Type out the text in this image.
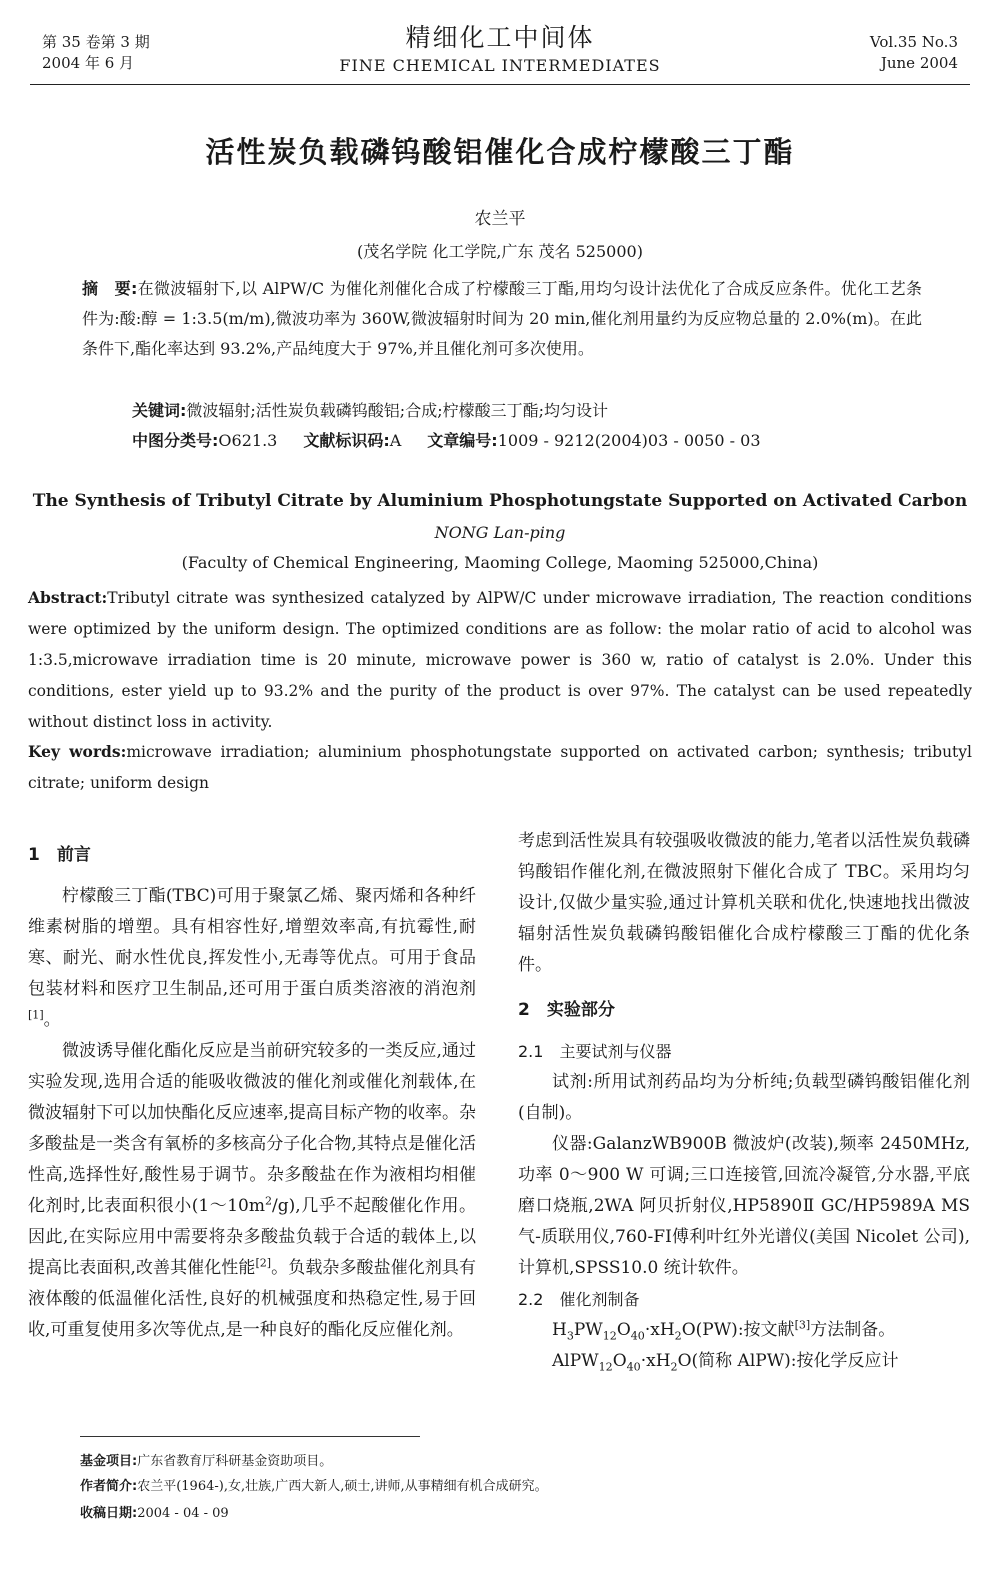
第 35 卷第 3 期
2004 年 6 月
精细化工中间体
FINE CHEMICAL INTERMEDIATES
Vol.35 No.3
June 2004
活性炭负载磷钨酸铝催化合成柠檬酸三丁酯
农兰平
(茂名学院 化工学院,广东 茂名 525000)
摘　要:在微波辐射下,以 AlPW/C 为催化剂催化合成了柠檬酸三丁酯,用均匀设计法优化了合成反应条件。优化工艺条件为:酸:醇 = 1:3.5(m/m),微波功率为 360W,微波辐射时间为 20 min,催化剂用量约为反应物总量的 2.0%(m)。在此条件下,酯化率达到 93.2%,产品纯度大于 97%,并且催化剂可多次使用。
关键词:微波辐射;活性炭负载磷钨酸铝;合成;柠檬酸三丁酯;均匀设计
中图分类号:O621.3 文献标识码:A 文章编号:1009 - 9212(2004)03 - 0050 - 03
The Synthesis of Tributyl Citrate by Aluminium Phosphotungstate Supported on Activated Carbon
NONG Lan-ping
(Faculty of Chemical Engineering, Maoming College, Maoming 525000,China)
Abstract:Tributyl citrate was synthesized catalyzed by AlPW/C under microwave irradiation, The reaction conditions were optimized by the uniform design. The optimized conditions are as follow: the molar ratio of acid to alcohol was 1:3.5,microwave irradiation time is 20 minute, microwave power is 360 w, ratio of catalyst is 2.0%. Under this conditions, ester yield up to 93.2% and the purity of the product is over 97%. The catalyst can be used repeatedly without distinct loss in activity.
Key words:microwave irradiation; aluminium phosphotungstate supported on activated carbon; synthesis; tributyl citrate; uniform design
1　前言

柠檬酸三丁酯(TBC)可用于聚氯乙烯、聚丙烯和各种纤维素树脂的增塑。具有相容性好,增塑效率高,有抗霉性,耐寒、耐光、耐水性优良,挥发性小,无毒等优点。可用于食品包装材料和医疗卫生制品,还可用于蛋白质类溶液的消泡剂[1]。

微波诱导催化酯化反应是当前研究较多的一类反应,通过实验发现,选用合适的能吸收微波的催化剂或催化剂载体,在微波辐射下可以加快酯化反应速率,提高目标产物的收率。杂多酸盐是一类含有氧桥的多核高分子化合物,其特点是催化活性高,选择性好,酸性易于调节。杂多酸盐在作为液相均相催化剂时,比表面积很小$(1\sim 10m^2/g)$,几乎不起酸催化作用。因此,在实际应用中需要将杂多酸盐负载于合适的载体上,以提高比表面积,改善其催化性能[2]。负载杂多酸盐催化剂具有液体酸的低温催化活性,良好的机械强度和热稳定性,易于回收,可重复使用多次等优点,是一种良好的酯化反应催化剂。

考虑到活性炭具有较强吸收微波的能力,笔者以活性炭负载磷钨酸铝作催化剂,在微波照射下催化合成了 TBC。采用均匀设计,仅做少量实验,通过计算机关联和优化,快速地找出微波辐射活性炭负载磷钨酸铝催化合成柠檬酸三丁酯的优化条件。

2　实验部分
2.1　主要试剂与仪器

试剂:所用试剂药品均为分析纯;负载型磷钨酸铝催化剂(自制)。

仪器:GalanzWB900B 微波炉(改装),频率 2450MHz,功率 0～900 W 可调;三口连接管,回流冷凝管,分水器,平底磨口烧瓶,2WA 阿贝折射仪,HP5890Ⅱ GC/HP5989A MS 气-质联用仪,760-FⅠ傅利叶红外光谱仪(美国 Nicolet 公司),计算机,SPSS10.0 统计软件。

2.2　催化剂制备

$H_3PW_{12}O_{40}\cdot xH_2O(PW)$:按文献[3]方法制备。

$AlPW_{12}O_{40}\cdot xH_2O$(简称 AlPW):按化学反应计

基金项目:广东省教育厅科研基金资助项目。
作者简介:农兰平(1964-),女,壮族,广西大新人,硕士,讲师,从事精细有机合成研究。
收稿日期:2004 - 04 - 09
